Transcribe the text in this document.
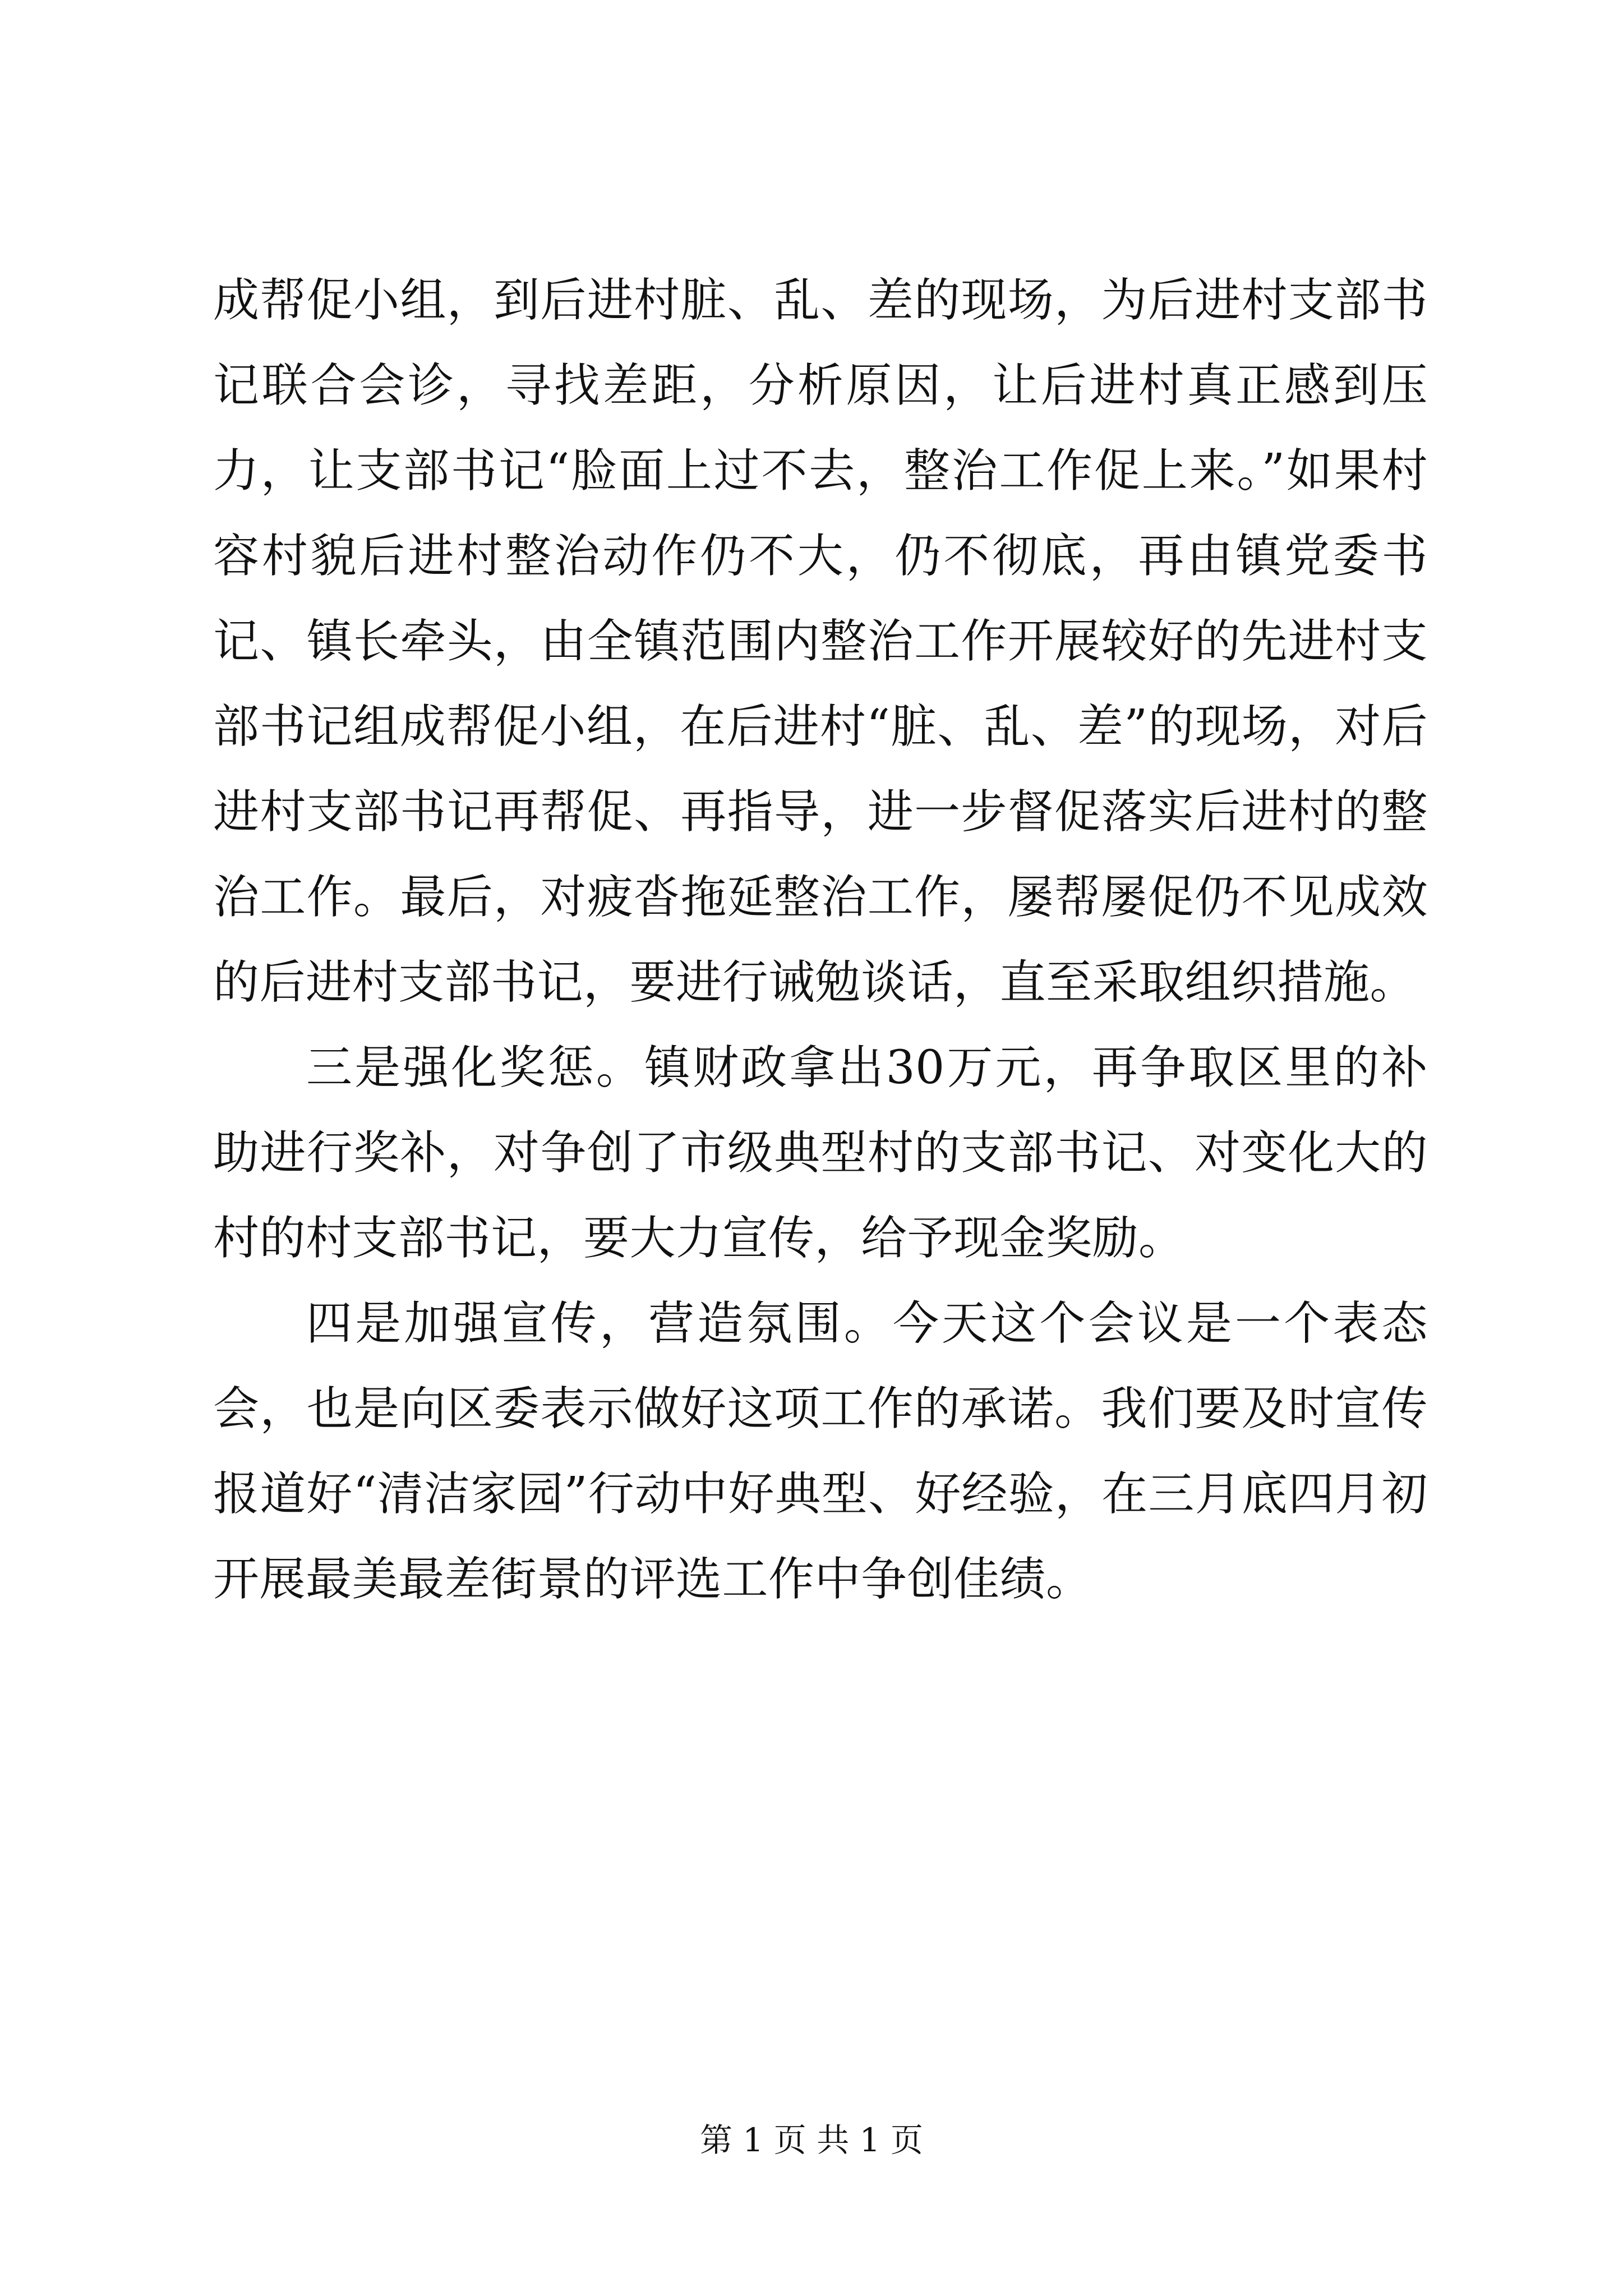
成帮促小组，到后进村脏、乱、差的现场，为后进村支部书记联合会诊，寻找差距，分析原因，让后进村真正感到压力，让支部书记“脸面上过不去，整治工作促上来。”如果村容村貌后进村整治动作仍不大，仍不彻底，再由镇党委书记、镇长牵头，由全镇范围内整治工作开展较好的先进村支部书记组成帮促小组，在后进村“脏、乱、差”的现场，对后进村支部书记再帮促、再指导，进一步督促落实后进村的整治工作。最后，对疲沓拖延整治工作，屡帮屡促仍不见成效的后进村支部书记，要进行诫勉谈话，直至采取组织措施。

三是强化奖惩。镇财政拿出30万元，再争取区里的补助进行奖补，对争创了市级典型村的支部书记、对变化大的村的村支部书记，要大力宣传，给予现金奖励。

四是加强宣传，营造氛围。今天这个会议是一个表态会，也是向区委表示做好这项工作的承诺。我们要及时宣传报道好“清洁家园”行动中好典型、好经验，在三月底四月初开展最美最差街景的评选工作中争创佳绩。

第 1 页 共 1 页
